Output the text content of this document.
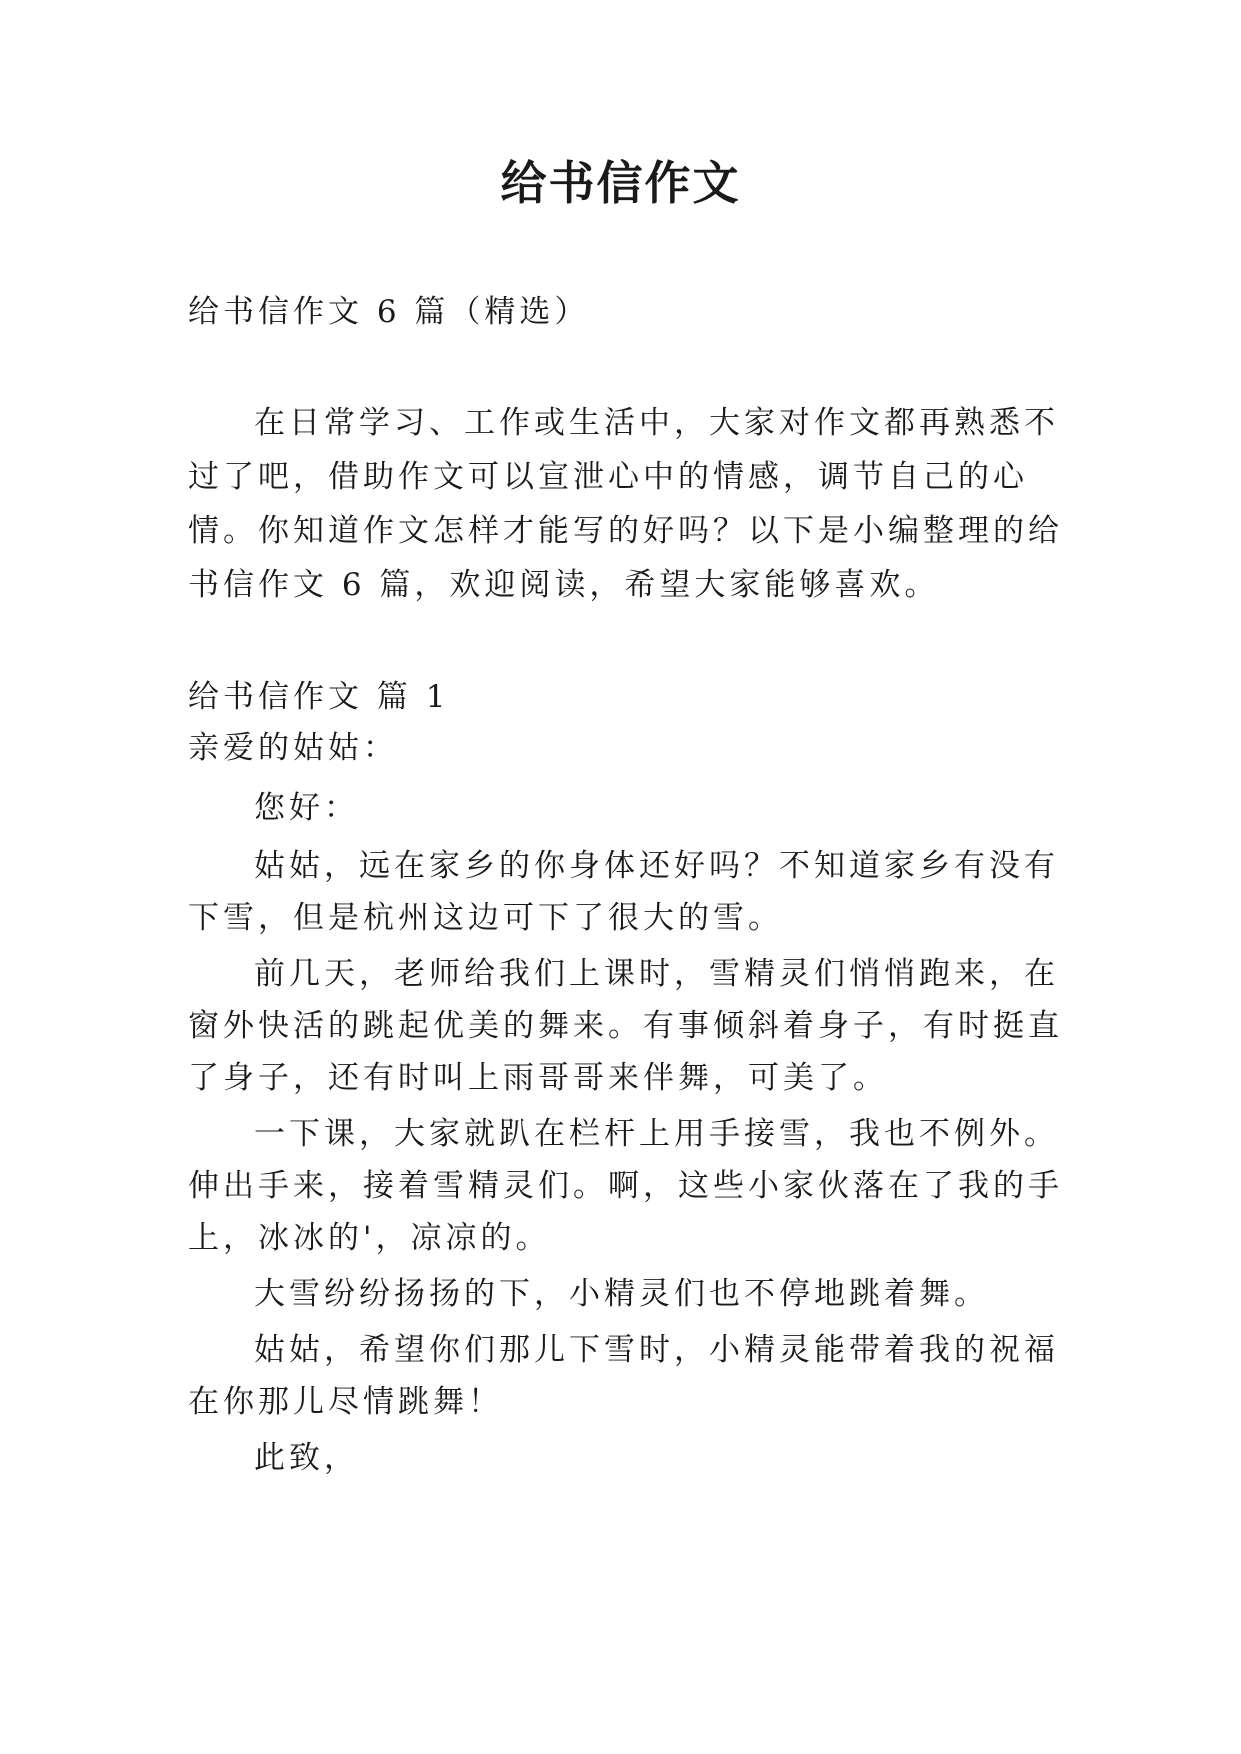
给书信作文

给书信作文 6 篇（精选）

在日常学习、工作或生活中，大家对作文都再熟悉不过了吧，借助作文可以宣泄心中的情感，调节自己的心情。你知道作文怎样才能写的好吗？以下是小编整理的给书信作文 6 篇，欢迎阅读，希望大家能够喜欢。

给书信作文 篇 1

亲爱的姑姑：

您好：

姑姑，远在家乡的你身体还好吗？不知道家乡有没有下雪，但是杭州这边可下了很大的雪。

前几天，老师给我们上课时，雪精灵们悄悄跑来，在窗外快活的跳起优美的舞来。有事倾斜着身子，有时挺直了身子，还有时叫上雨哥哥来伴舞，可美了。

一下课，大家就趴在栏杆上用手接雪，我也不例外。伸出手来，接着雪精灵们。啊，这些小家伙落在了我的手上，冰冰的'，凉凉的。

大雪纷纷扬扬的下，小精灵们也不停地跳着舞。

姑姑，希望你们那儿下雪时，小精灵能带着我的祝福在你那儿尽情跳舞！

此致，
